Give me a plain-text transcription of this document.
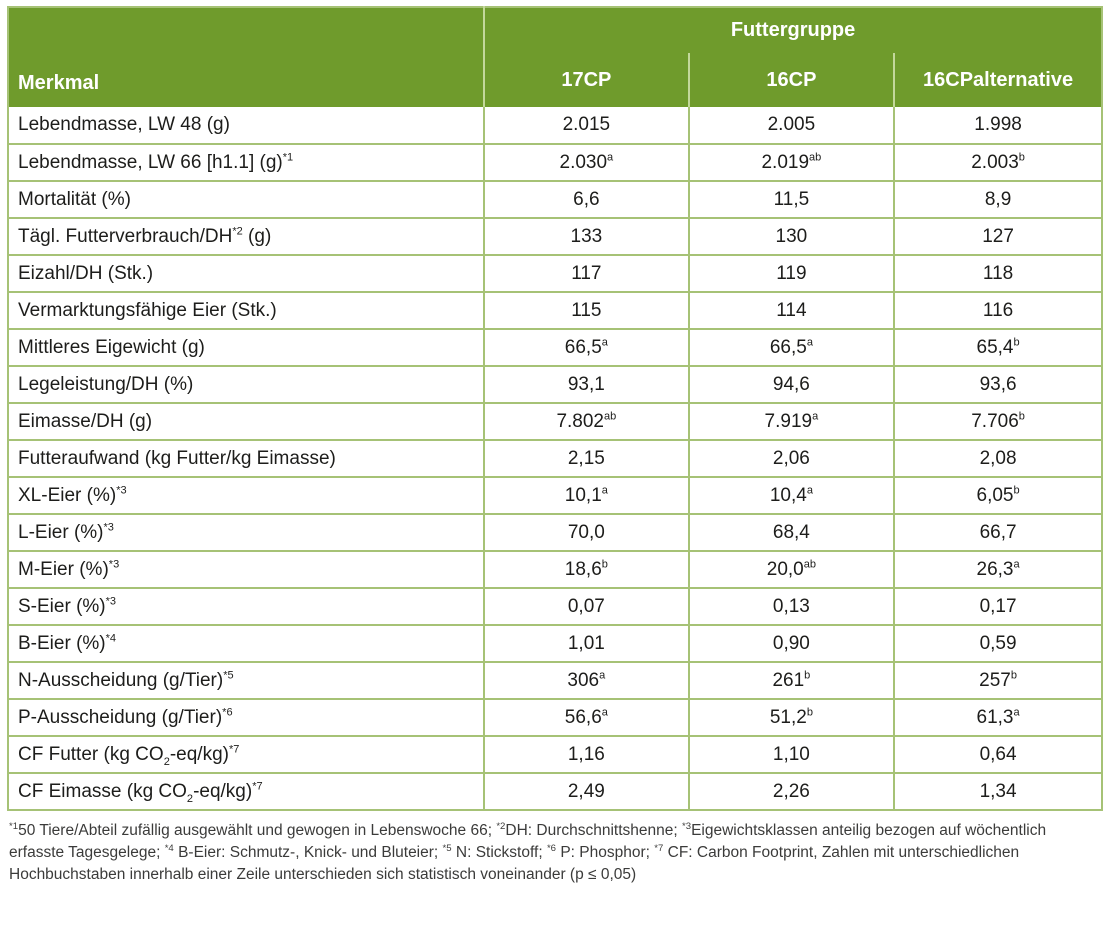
Merkmal	Futtergruppe		
	17CP	16CP	16CPalternative
Lebendmasse, LW 48 (g)	2.015	2.005	1.998
Lebendmasse, LW 66 [h1.1] $(g)^{*1}$	2.030$^a$	2.019$^{ab}$	2.003$^b$
Mortalität (%)	6,6	11,5	8,9
Tägl. Futterverbrauch/DH$^{*2}$ (g)	133	130	127
Eizahl/DH (Stk.)	117	119	118
Vermarktungsfähige Eier (Stk.)	115	114	116
Mittleres Eigewicht (g)	66,5$^a$	66,5$^a$	65,4$^b$
Legeleistung/DH (%)	93,1	94,6	93,6
Eimasse/DH (g)	7.802$^{ab}$	7.919$^a$	7.706$^b$
Futteraufwand (kg Futter/kg Eimasse)	2,15	2,06	2,08
XL-Eier (%)$^{*3}$	10,1$^a$	10,4$^a$	6,05$^b$
L-Eier (%)$^{*3}$	70,0	68,4	66,7
M-Eier (%)$^{*3}$	18,6$^b$	20,0$^{ab}$	26,3$^a$
S-Eier (%)$^{*3}$	0,07	0,13	0,17
B-Eier (%)$^{*4}$	1,01	0,90	0,59
N-Ausscheidung (g/Tier)$^{*5}$	306$^a$	261$^b$	257$^b$
P-Ausscheidung (g/Tier)$^{*6}$	56,6$^a$	51,2$^b$	61,3$^a$
CF Futter (kg $CO_2-eq/kg)^{*7}$	1,16	1,10	0,64
CF Eimasse (kg $CO_2-eq/kg)^{*7}$	2,49	2,26	1,34

$^{*1}$50 Tiere/Abteil zufällig ausgewählt und gewogen in Lebenswoche 66; $^{*2}$DH: Durchschnittshenne; $^{*3}$Eigewichtsklassen anteilig bezogen auf wöchentlich erfasste Tagesgelege; $^{*4}$ B-Eier: Schmutz-, Knick- und Bluteier; $^{*5}$ N: Stickstoff; $^{*6}$ P: Phosphor; $^{*7}$ CF: Carbon Footprint, Zahlen mit unterschiedlichen Hochbuchstaben innerhalb einer Zeile unterschieden sich statistisch voneinander (p ≤ 0,05)
